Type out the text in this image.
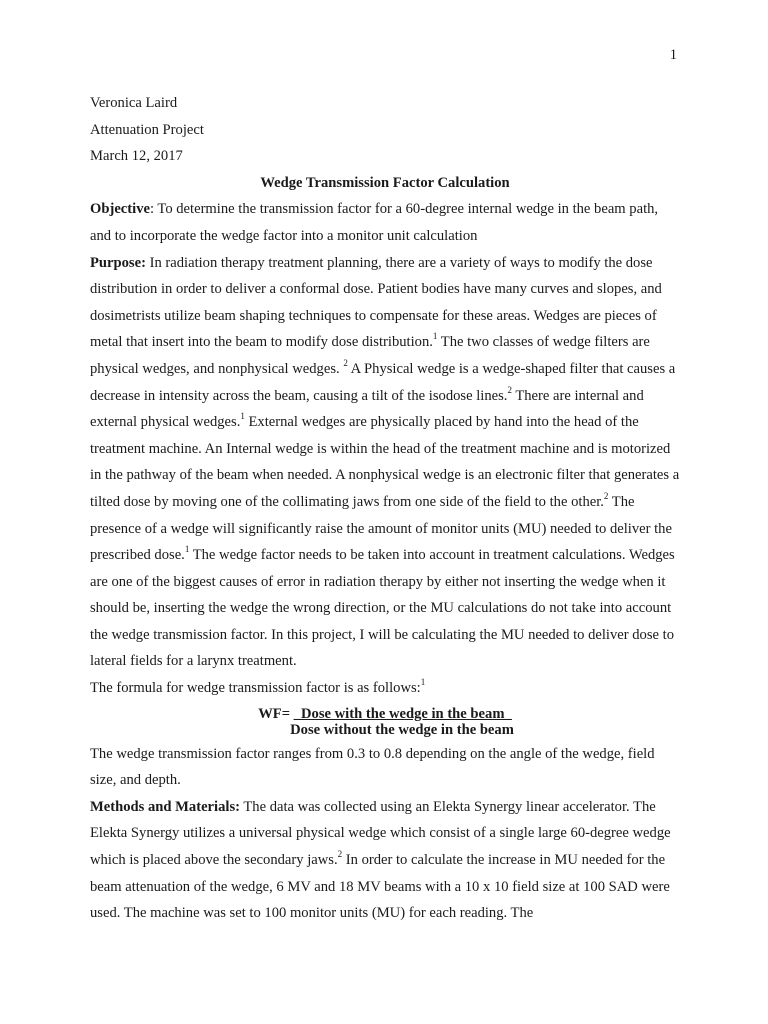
1

Veronica Laird

Attenuation Project

March 12, 2017

Wedge Transmission Factor Calculation

Objective: To determine the transmission factor for a 60-degree internal wedge in the beam path, and to incorporate the wedge factor into a monitor unit calculation

Purpose: In radiation therapy treatment planning, there are a variety of ways to modify the dose distribution in order to deliver a conformal dose. Patient bodies have many curves and slopes, and dosimetrists utilize beam shaping techniques to compensate for these areas. Wedges are pieces of metal that insert into the beam to modify dose distribution.$^1$ The two classes of wedge filters are physical wedges, and nonphysical wedges. $^2$ A Physical wedge is a wedge-shaped filter that causes a decrease in intensity across the beam, causing a tilt of the isodose lines.$^2$ There are internal and external physical wedges.$^1$ External wedges are physically placed by hand into the head of the treatment machine. An Internal wedge is within the head of the treatment machine and is motorized in the pathway of the beam when needed. A nonphysical wedge is an electronic filter that generates a tilted dose by moving one of the collimating jaws from one side of the field to the other.$^2$ The presence of a wedge will significantly raise the amount of monitor units (MU) needed to deliver the prescribed dose.$^1$ The wedge factor needs to be taken into account in treatment calculations. Wedges are one of the biggest causes of error in radiation therapy by either not inserting the wedge when it should be, inserting the wedge the wrong direction, or the MU calculations do not take into account the wedge transmission factor. In this project, I will be calculating the MU needed to deliver dose to lateral fields for a larynx treatment.

The formula for wedge transmission factor is as follows:$^1$

WF= _Dose with the wedge in the beam_
Dose without the wedge in the beam

The wedge transmission factor ranges from 0.3 to 0.8 depending on the angle of the wedge, field size, and depth.

Methods and Materials: The data was collected using an Elekta Synergy linear accelerator. The Elekta Synergy utilizes a universal physical wedge which consist of a single large 60-degree wedge which is placed above the secondary jaws.$^2$ In order to calculate the increase in MU needed for the beam attenuation of the wedge, 6 MV and 18 MV beams with a 10 x 10 field size at 100 SAD were used. The machine was set to 100 monitor units (MU) for each reading. The
